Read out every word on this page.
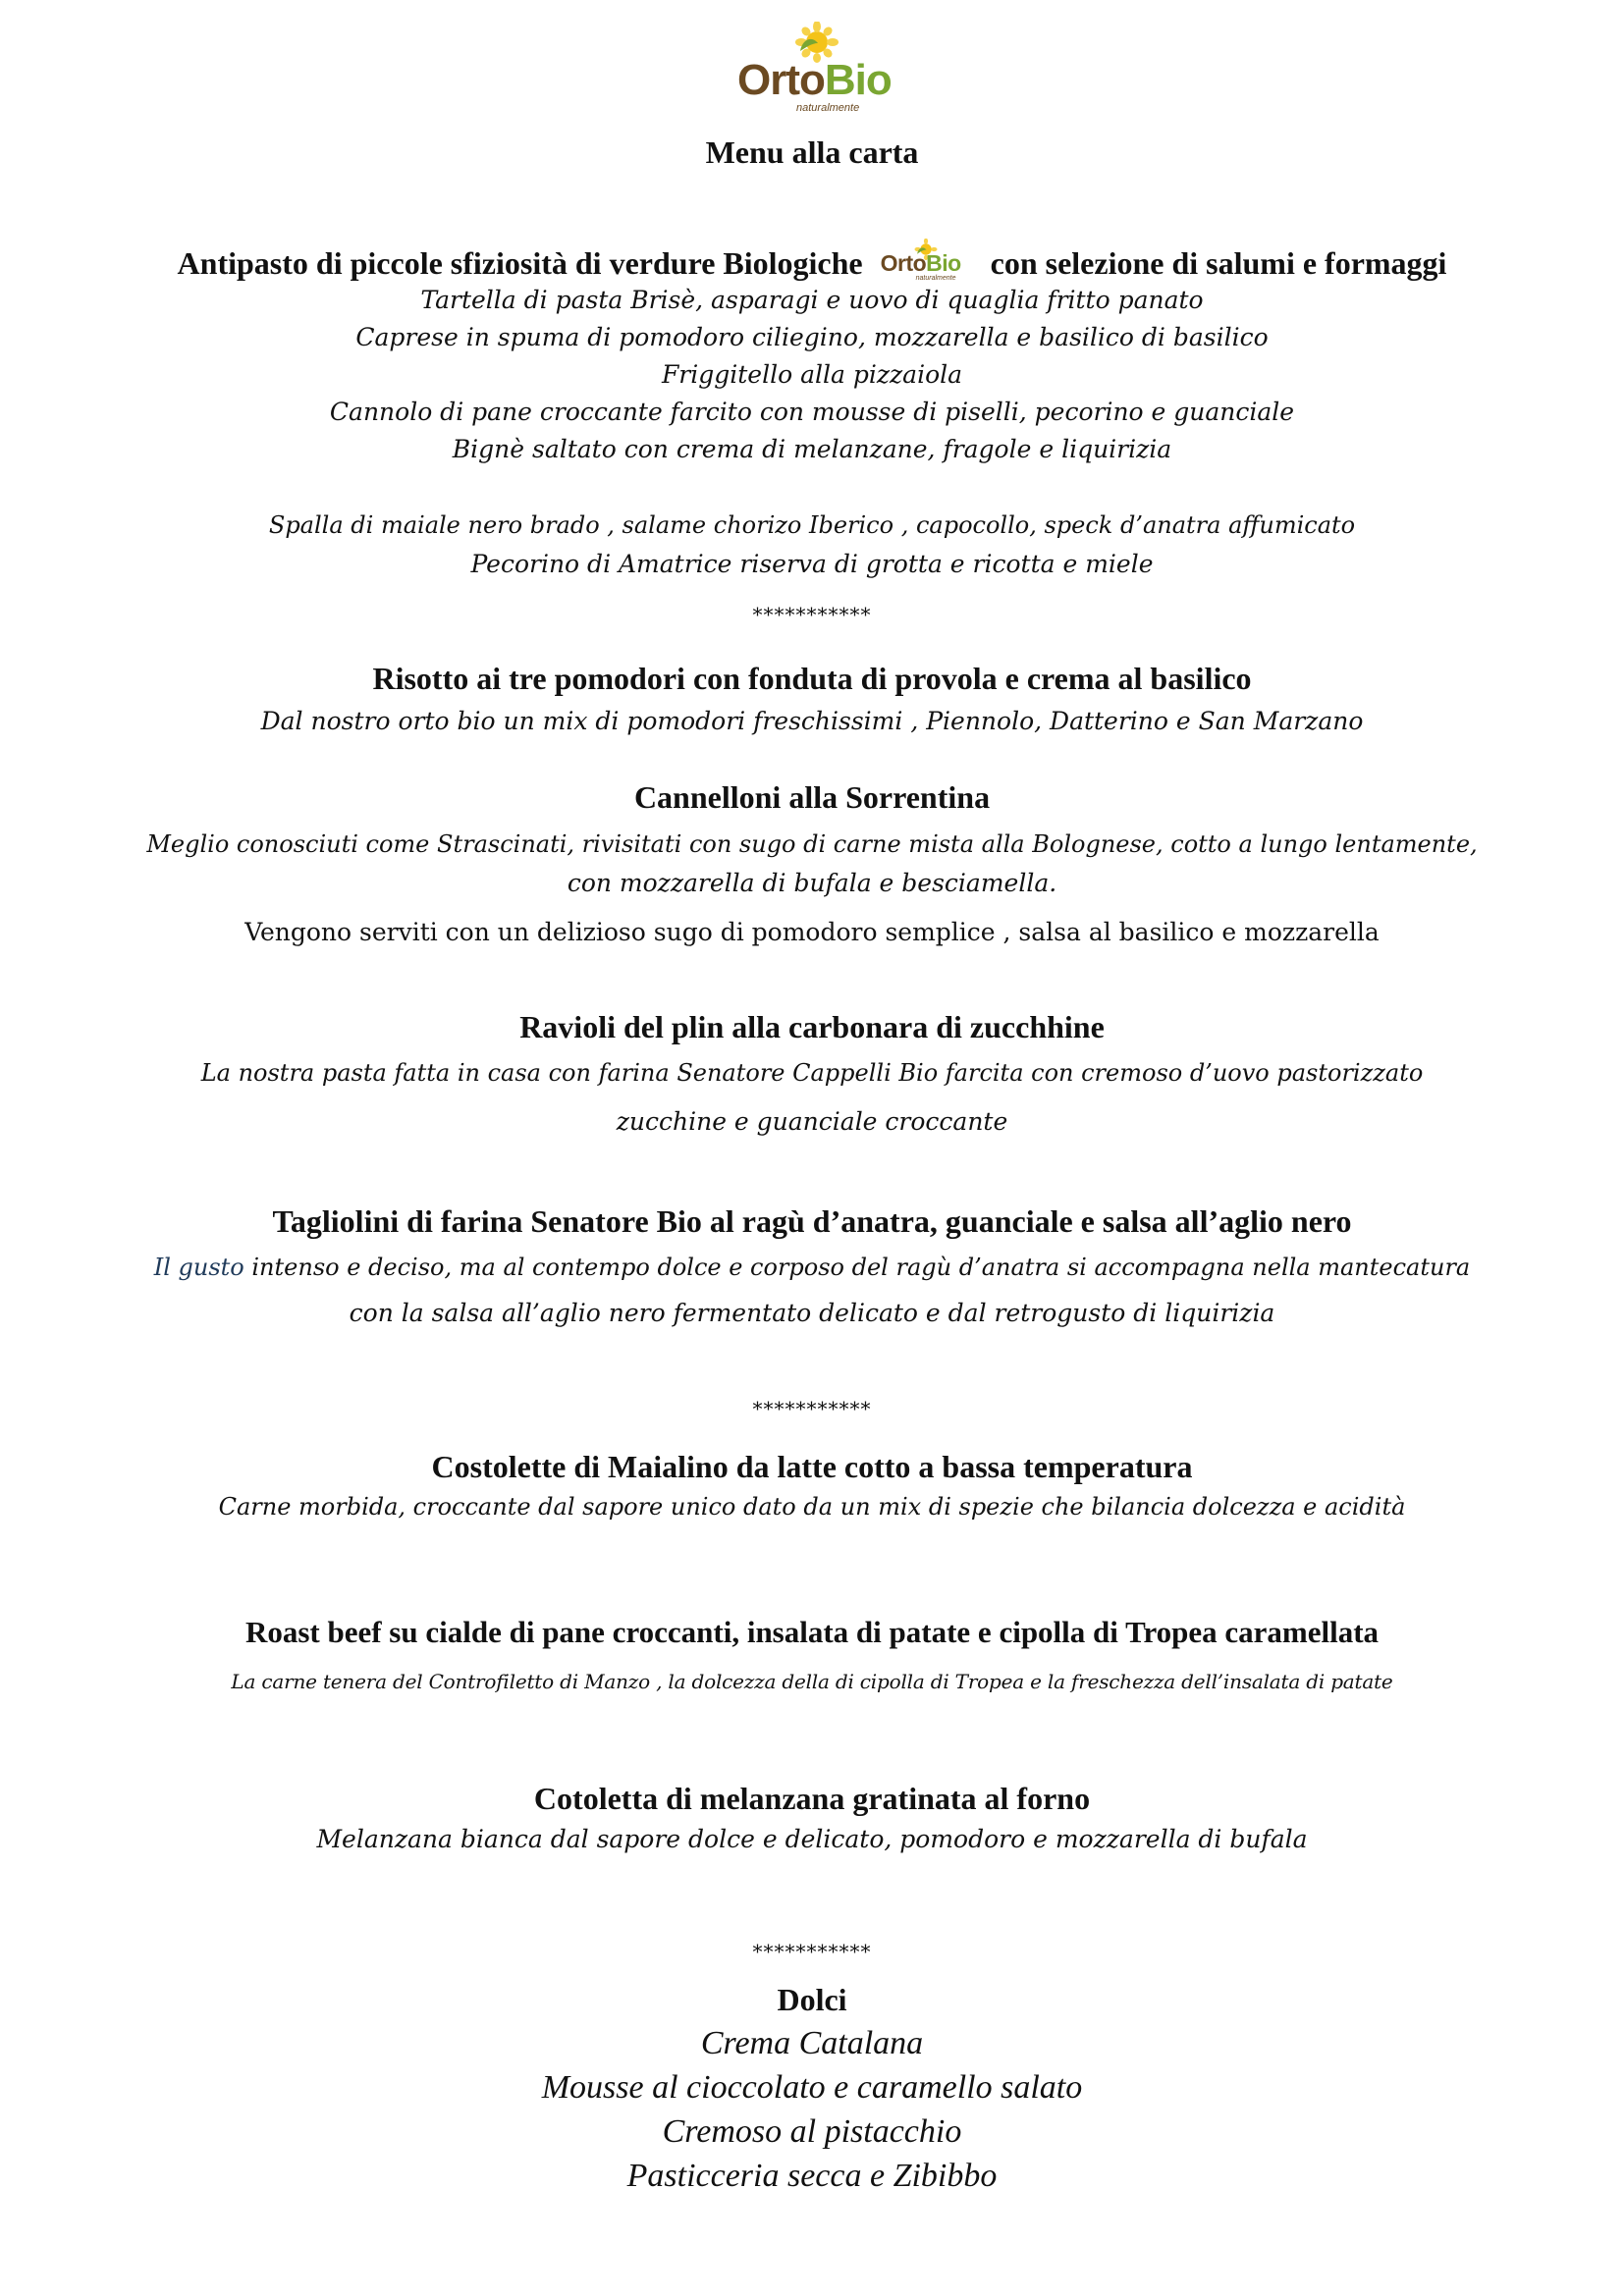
OrtoBio
naturalmente
Menu alla carta
Antipasto di piccole sfiziosità di verdure Biologiche OrtoBio
naturalmente con selezione di salumi e formaggi
Tartella di pasta Brisè, asparagi e uovo di quaglia fritto panato
Caprese in spuma di pomodoro ciliegino, mozzarella e basilico di basilico
Friggitello alla pizzaiola
Cannolo di pane croccante farcito con mousse di piselli, pecorino e guanciale
Bignè saltato con crema di melanzane, fragole e liquirizia
Spalla di maiale nero brado , salame chorizo Iberico , capocollo, speck d’anatra affumicato
Pecorino di Amatrice riserva di grotta e ricotta e miele
***********
Risotto ai tre pomodori con fonduta di provola e crema al basilico
Dal nostro orto bio un mix di pomodori freschissimi , Piennolo, Datterino e San Marzano
Cannelloni alla Sorrentina
Meglio conosciuti come Strascinati, rivisitati con sugo di carne mista alla Bolognese, cotto a lungo lentamente,
con mozzarella di bufala e besciamella.
Vengono serviti con un delizioso sugo di pomodoro semplice , salsa al basilico e mozzarella
Ravioli del plin alla carbonara di zucchhine
La nostra pasta fatta in casa con farina Senatore Cappelli Bio farcita con cremoso d’uovo pastorizzato
zucchine e guanciale croccante
Tagliolini di farina Senatore Bio al ragù d’anatra, guanciale e salsa all’aglio nero
Il gusto intenso e deciso, ma al contempo dolce e corposo del ragù d’anatra si accompagna nella mantecatura
con la salsa all’aglio nero fermentato delicato e dal retrogusto di liquirizia
***********
Costolette di Maialino da latte cotto a bassa temperatura
Carne morbida, croccante dal sapore unico dato da un mix di spezie che bilancia dolcezza e acidità
Roast beef su cialde di pane croccanti, insalata di patate e cipolla di Tropea caramellata
La carne tenera del Controfiletto di Manzo , la dolcezza della di cipolla di Tropea e la freschezza dell’insalata di patate
Cotoletta di melanzana gratinata al forno
Melanzana bianca dal sapore dolce e delicato, pomodoro e mozzarella di bufala
***********
Dolci
Crema Catalana
Mousse al cioccolato e caramello salato
Cremoso al pistacchio
Pasticceria secca e Zibibbo
